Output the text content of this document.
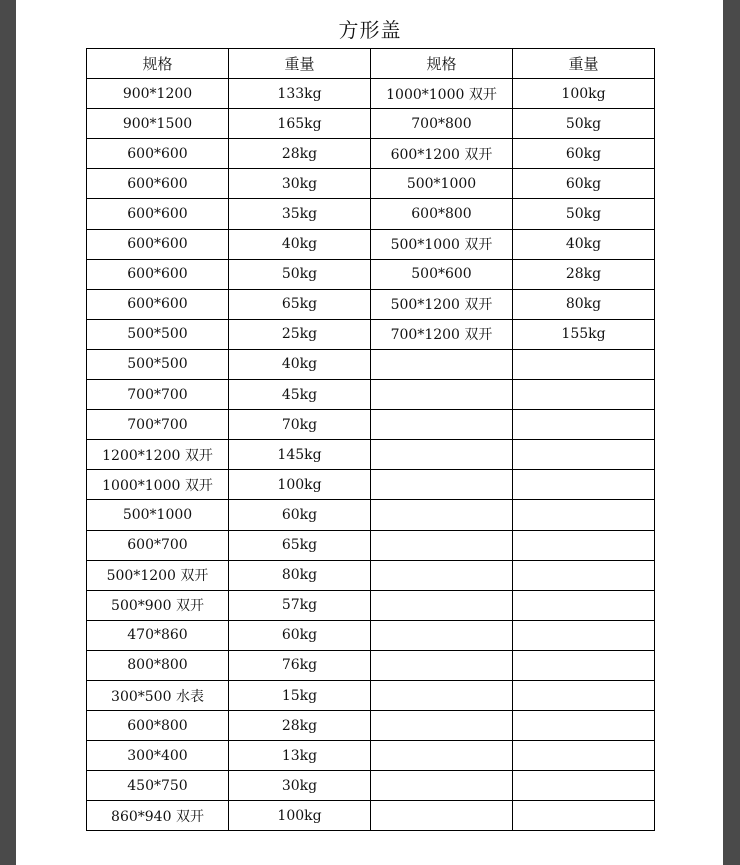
方形盖
规格	重量	规格	重量
900*1200	133kg	1000*1000 双开	100kg
900*1500	165kg	700*800	50kg
600*600	28kg	600*1200 双开	60kg
600*600	30kg	500*1000	60kg
600*600	35kg	600*800	50kg
600*600	40kg	500*1000 双开	40kg
600*600	50kg	500*600	28kg
600*600	65kg	500*1200 双开	80kg
500*500	25kg	700*1200 双开	155kg
500*500	40kg		
700*700	45kg		
700*700	70kg		
1200*1200 双开	145kg		
1000*1000 双开	100kg		
500*1000	60kg		
600*700	65kg		
500*1200 双开	80kg		
500*900 双开	57kg		
470*860	60kg		
800*800	76kg		
300*500 水表	15kg		
600*800	28kg		
300*400	13kg		
450*750	30kg		
860*940 双开	100kg		
